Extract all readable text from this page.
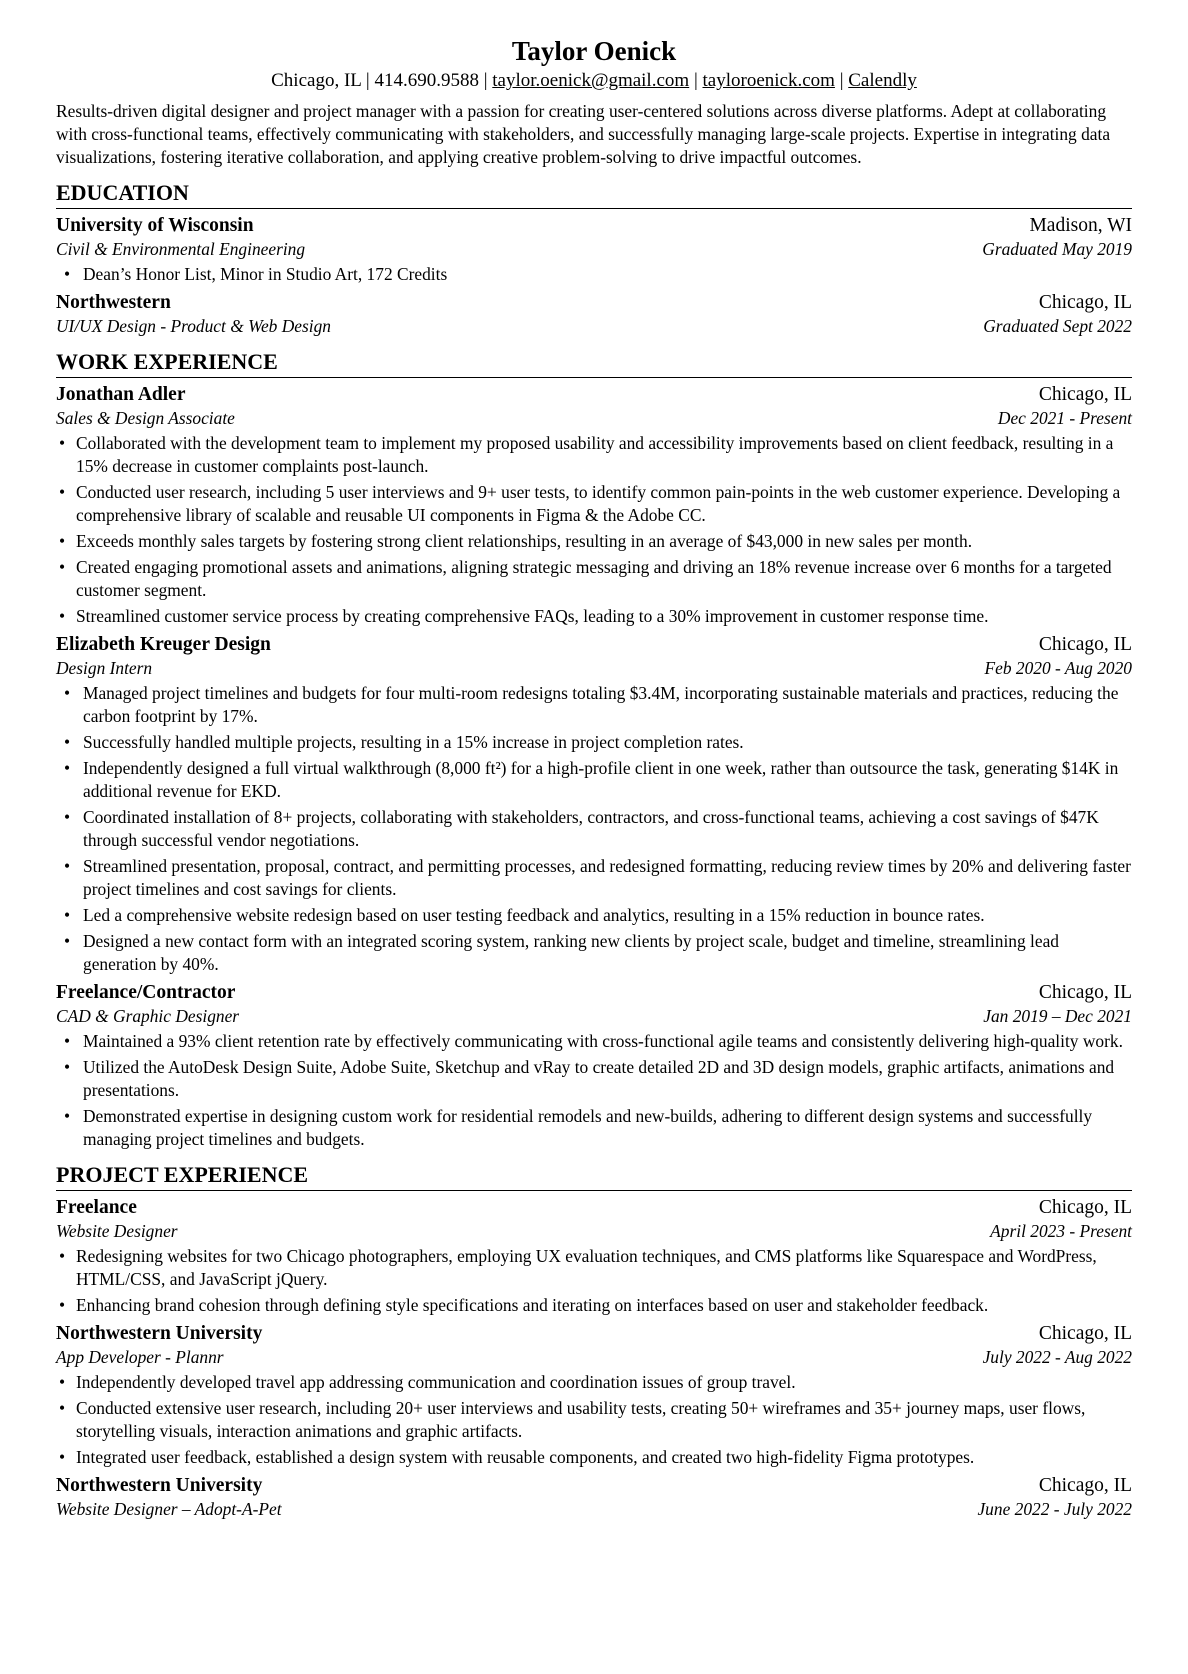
Taylor Oenick

Chicago, IL | 414.690.9588 | taylor.oenick@gmail.com | tayloroenick.com | Calendly

Results-driven digital designer and project manager with a passion for creating user-centered solutions across diverse platforms. Adept at collaborating with cross-functional teams, effectively communicating with stakeholders, and successfully managing large-scale projects. Expertise in integrating data visualizations, fostering iterative collaboration, and applying creative problem-solving to drive impactful outcomes.

EDUCATION
University of Wisconsin	Madison, WI
Civil & Environmental Engineering	Graduated May 2019
• Dean’s Honor List, Minor in Studio Art, 172 Credits
Northwestern	Chicago, IL
UI/UX Design - Product & Web Design	Graduated Sept 2022
WORK EXPERIENCE
Jonathan Adler	Chicago, IL
Sales & Design Associate	Dec 2021 - Present
• Collaborated with the development team to implement my proposed usability and accessibility improvements based on client feedback, resulting in a 15% decrease in customer complaints post-launch.
• Conducted user research, including 5 user interviews and 9+ user tests, to identify common pain-points in the web customer experience. Developing a comprehensive library of scalable and reusable UI components in Figma & the Adobe CC.
• Exceeds monthly sales targets by fostering strong client relationships, resulting in an average of $43,000 in new sales per month.
• Created engaging promotional assets and animations, aligning strategic messaging and driving an 18% revenue increase over 6 months for a targeted customer segment.
• Streamlined customer service process by creating comprehensive FAQs, leading to a 30% improvement in customer response time.
Elizabeth Kreuger Design	Chicago, IL
Design Intern	Feb 2020 - Aug 2020
• Managed project timelines and budgets for four multi-room redesigns totaling $3.4M, incorporating sustainable materials and practices, reducing the carbon footprint by 17%.
• Successfully handled multiple projects, resulting in a 15% increase in project completion rates.
• Independently designed a full virtual walkthrough (8,000 ft²) for a high-profile client in one week, rather than outsource the task, generating $14K in additional revenue for EKD.
• Coordinated installation of 8+ projects, collaborating with stakeholders, contractors, and cross-functional teams, achieving a cost savings of $47K through successful vendor negotiations.
• Streamlined presentation, proposal, contract, and permitting processes, and redesigned formatting, reducing review times by 20% and delivering faster project timelines and cost savings for clients.
• Led a comprehensive website redesign based on user testing feedback and analytics, resulting in a 15% reduction in bounce rates.
• Designed a new contact form with an integrated scoring system, ranking new clients by project scale, budget and timeline, streamlining lead generation by 40%.
Freelance/Contractor	Chicago, IL
CAD & Graphic Designer	Jan 2019 – Dec 2021
• Maintained a 93% client retention rate by effectively communicating with cross-functional agile teams and consistently delivering high-quality work.
• Utilized the AutoDesk Design Suite, Adobe Suite, Sketchup and vRay to create detailed 2D and 3D design models, graphic artifacts, animations and presentations.
• Demonstrated expertise in designing custom work for residential remodels and new-builds, adhering to different design systems and successfully managing project timelines and budgets.
PROJECT EXPERIENCE
Freelance	Chicago, IL
Website Designer	April 2023 - Present
• Redesigning websites for two Chicago photographers, employing UX evaluation techniques, and CMS platforms like Squarespace and WordPress, HTML/CSS, and JavaScript jQuery.
• Enhancing brand cohesion through defining style specifications and iterating on interfaces based on user and stakeholder feedback.
Northwestern University	Chicago, IL
App Developer - Plannr	July 2022 - Aug 2022
• Independently developed travel app addressing communication and coordination issues of group travel.
• Conducted extensive user research, including 20+ user interviews and usability tests, creating 50+ wireframes and 35+ journey maps, user flows, storytelling visuals, interaction animations and graphic artifacts.
• Integrated user feedback, established a design system with reusable components, and created two high-fidelity Figma prototypes.
Northwestern University	Chicago, IL
Website Designer – Adopt-A-Pet	June 2022 - July 2022
